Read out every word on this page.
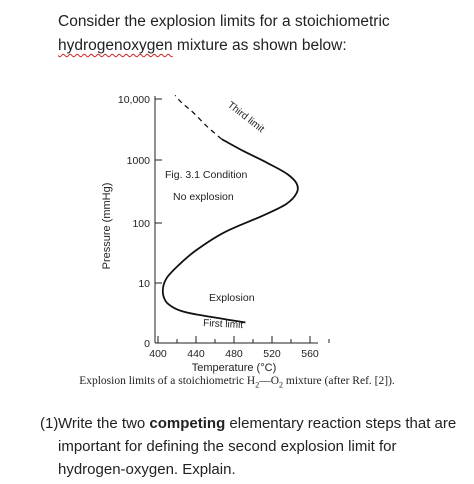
Consider the explosion limits for a stoichiometric hydrogenoxygen mixture as shown below:

0
10
100
1000
10,000
400 440 480 520 560
Pressure (mmHg)
Temperature (°C)
Third limit
Fig. 3.1 Condition
No explosion
Explosion
First limit

Explosion limits of a stoichiometric $H_2—O_2$ mixture (after Ref. [2]).

(1) Write the two competing elementary reaction steps that are important for defining the second explosion limit for hydrogen-oxygen. Explain.
